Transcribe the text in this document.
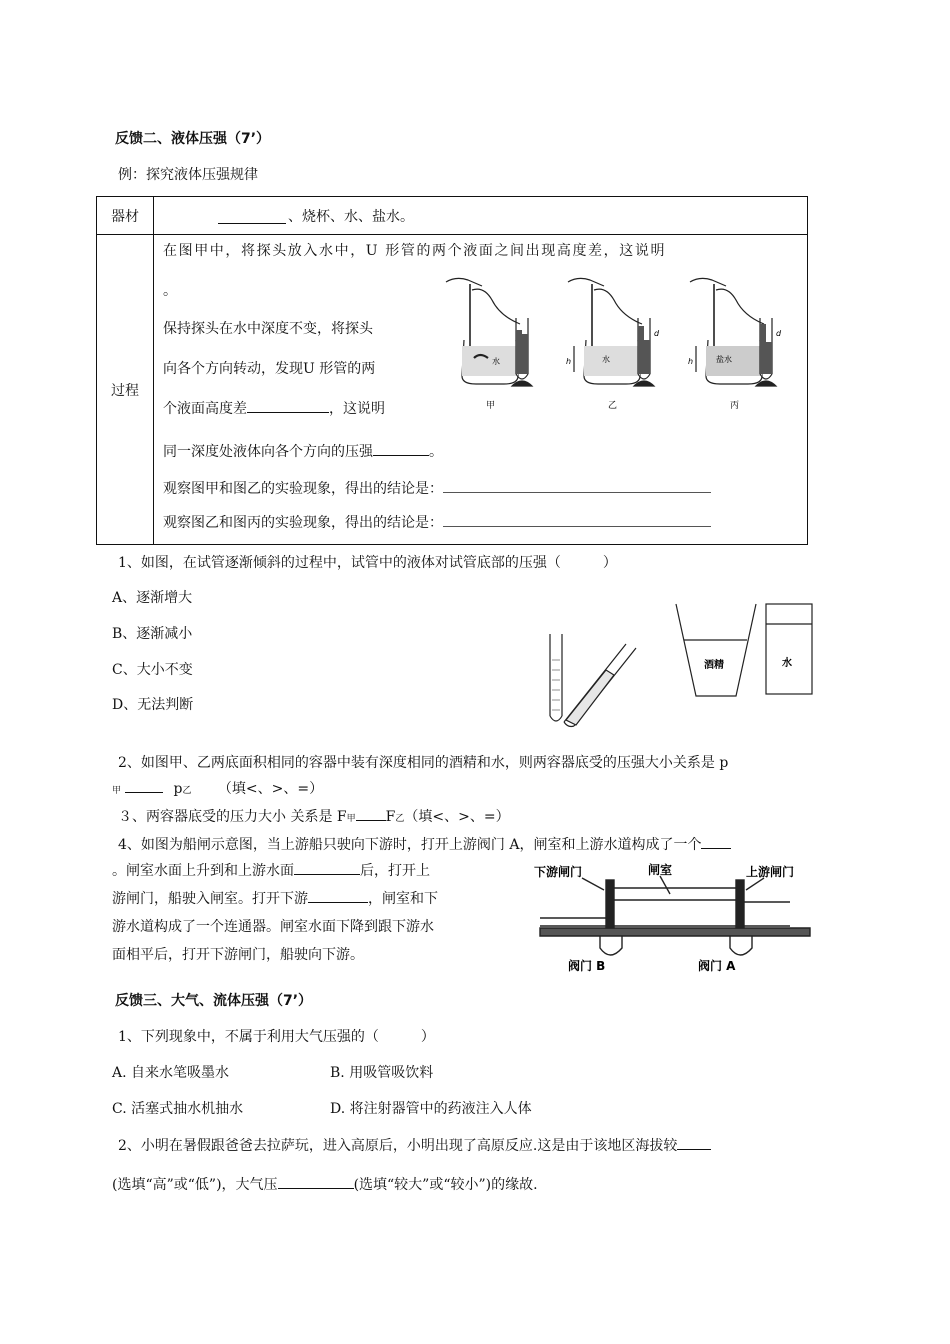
反馈二、液体压强（7’）
例：探究液体压强规律
器材	、烧杯、水、盐水。
过程	
在图甲中，将探头放入水中，U 形管的两个液面之间出现高度差，这说明
。
保持探头在水中深度不变，将探头
向各个方向转动，发现U 形管的两
个液面高度差	，这说明
同一深度处液体向各个方向的压强	。
观察图甲和图乙的实验现象，得出的结论是：
观察图乙和图丙的实验现象，得出的结论是：
水	水	盐水
h	h
d	d
甲	乙	丙
1、如图，在试管逐渐倾斜的过程中，试管中的液体对试管底部的压强（　　　）
A、逐渐增大
B、逐渐减小
C、大小不变
D、无法判断
酒精	水
2、如图甲、乙两底面积相同的容器中装有深度相同的酒精和水，则两容器底受的压强大小关系是 p
甲	p乙 （填<、>、=）
３、两容器底受的压力大小 关系是 F甲 F乙（填<、>、=）
4、如图为船闸示意图，当上游船只驶向下游时，打开上游阀门 A，闸室和上游水道构成了一个
。闸室水面上升到和上游水面	后，打开上
游闸门，船驶入闸室。打开下游	，闸室和下
游水道构成了一个连通器。闸室水面下降到跟下游水
面相平后，打开下游闸门，船驶向下游。
下游闸门	闸室	上游闸门
阀门 B	阀门 A
反馈三、大气、流体压强（7’）
1、下列现象中，不属于利用大气压强的（　　　）
A. 自来水笔吸墨水	B. 用吸管吸饮料
C. 活塞式抽水机抽水	D. 将注射器管中的药液注入人体
2、小明在暑假跟爸爸去拉萨玩，进入高原后，小明出现了高原反应.这是由于该地区海拔较
(选填“高”或“低”)，大气压	(选填“较大”或“较小”)的缘故.
